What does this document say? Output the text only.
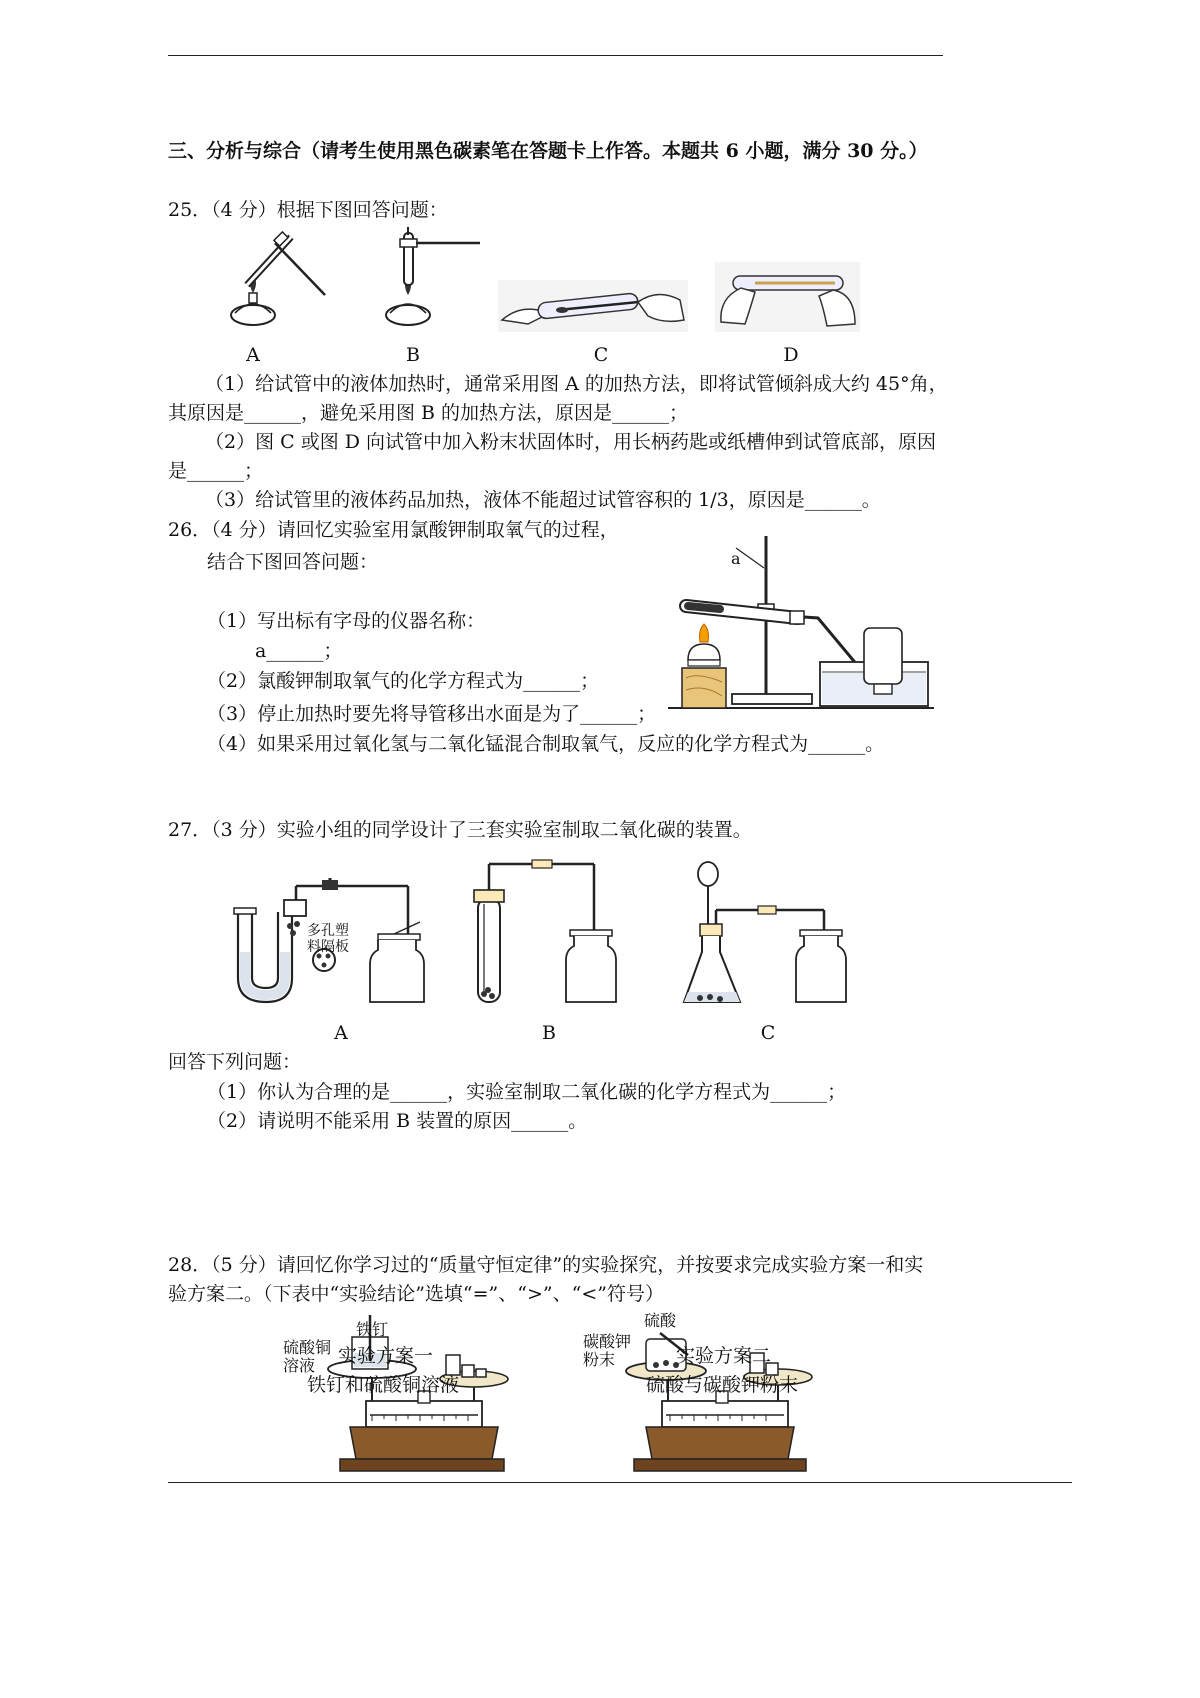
三、分析与综合（请考生使用黑色碳素笔在答题卡上作答。本题共 6 小题，满分 30 分。）
25．（4 分）根据下图回答问题：
A	B	C	D
（1）给试管中的液体加热时，通常采用图 A 的加热方法，即将试管倾斜成大约 45°角，
其原因是______，避免采用图 B 的加热方法，原因是______；
（2）图 C 或图 D 向试管中加入粉末状固体时，用长柄药匙或纸槽伸到试管底部，原因
是______；
（3）给试管里的液体药品加热，液体不能超过试管容积的 1/3，原因是______。
26．（4 分）请回忆实验室用氯酸钾制取氧气的过程，
结合下图回答问题：
（1）写出标有字母的仪器名称：
a______；
（2）氯酸钾制取氧气的化学方程式为______；
（3）停止加热时要先将导管移出水面是为了______；
（4）如果采用过氧化氢与二氧化锰混合制取氧气，反应的化学方程式为______。
a
27．（3 分）实验小组的同学设计了三套实验室制取二氧化碳的装置。
多孔塑
料隔板
A	B	C
回答下列问题：
（1）你认为合理的是______，实验室制取二氧化碳的化学方程式为______；
（2）请说明不能采用 B 装置的原因______。
28．（5 分）请回忆你学习过的“质量守恒定律”的实验探究，并按要求完成实验方案一和实
验方案二。（下表中“实验结论”选填“=”、“>”、“<”符号）
铁钉
硫酸铜
溶液 实验方案一
铁钉和硫酸铜溶液
硫酸
碳酸钾
粉末	实验方案二
硫酸与碳酸钾粉末
